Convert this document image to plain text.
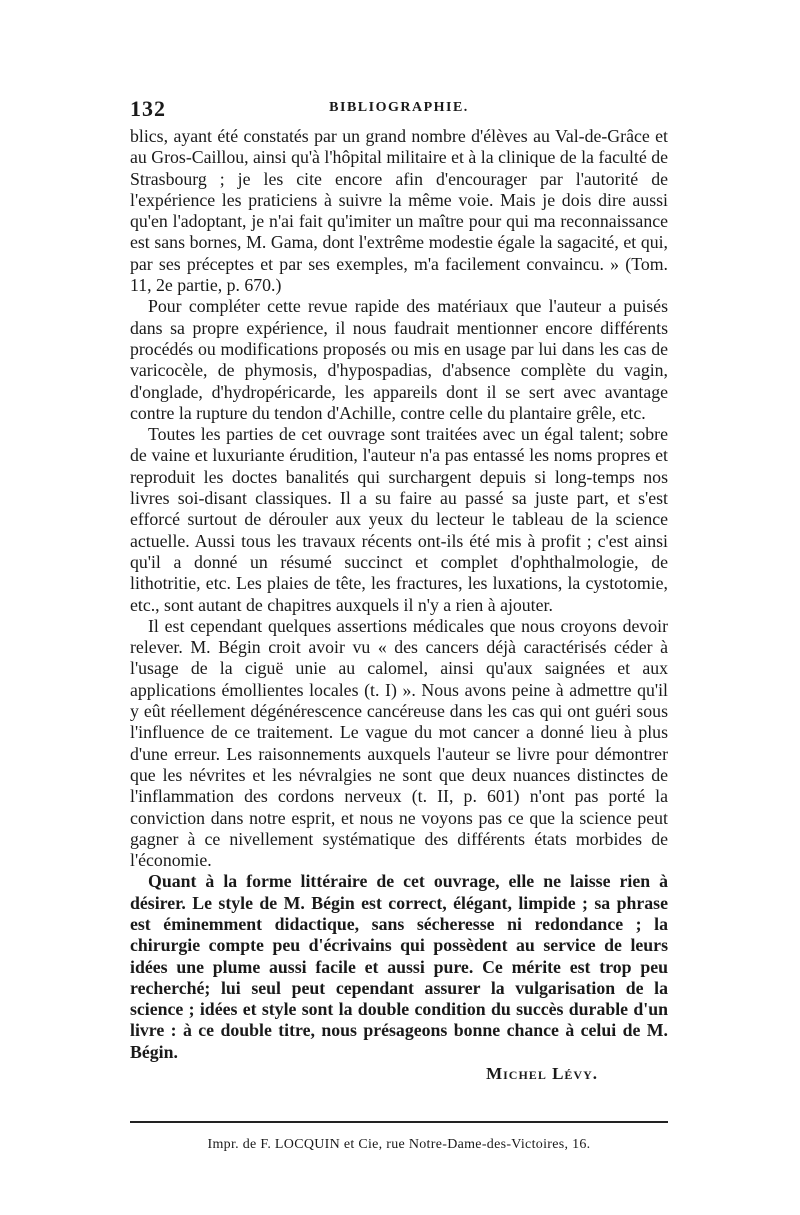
132	BIBLIOGRAPHIE.

blics, ayant été constatés par un grand nombre d'élèves au Val-de-Grâce et au Gros-Caillou, ainsi qu'à l'hôpital militaire et à la clinique de la faculté de Strasbourg ; je les cite encore afin d'encourager par l'autorité de l'expérience les praticiens à suivre la même voie. Mais je dois dire aussi qu'en l'adoptant, je n'ai fait qu'imiter un maître pour qui ma reconnaissance est sans bornes, M. Gama, dont l'extrême modestie égale la sagacité, et qui, par ses préceptes et par ses exemples, m'a facilement convaincu. » (Tom. 11, 2e partie, p. 670.)

Pour compléter cette revue rapide des matériaux que l'auteur a puisés dans sa propre expérience, il nous faudrait mentionner encore différents procédés ou modifications proposés ou mis en usage par lui dans les cas de varicocèle, de phymosis, d'hypospadias, d'absence complète du vagin, d'onglade, d'hydropéricarde, les appareils dont il se sert avec avantage contre la rupture du tendon d'Achille, contre celle du plantaire grêle, etc.

Toutes les parties de cet ouvrage sont traitées avec un égal talent; sobre de vaine et luxuriante érudition, l'auteur n'a pas entassé les noms propres et reproduit les doctes banalités qui surchargent depuis si long-temps nos livres soi-disant classiques. Il a su faire au passé sa juste part, et s'est efforcé surtout de dérouler aux yeux du lecteur le tableau de la science actuelle. Aussi tous les travaux récents ont-ils été mis à profit ; c'est ainsi qu'il a donné un résumé succinct et complet d'ophthalmologie, de lithotritie, etc. Les plaies de tête, les fractures, les luxations, la cystotomie, etc., sont autant de chapitres auxquels il n'y a rien à ajouter.

Il est cependant quelques assertions médicales que nous croyons devoir relever. M. Bégin croit avoir vu « des cancers déjà caractérisés céder à l'usage de la ciguë unie au calomel, ainsi qu'aux saignées et aux applications émollientes locales (t. I) ». Nous avons peine à admettre qu'il y eût réellement dégénérescence cancéreuse dans les cas qui ont guéri sous l'influence de ce traitement. Le vague du mot cancer a donné lieu à plus d'une erreur. Les raisonnements auxquels l'auteur se livre pour démontrer que les névrites et les névralgies ne sont que deux nuances distinctes de l'inflammation des cordons nerveux (t. II, p. 601) n'ont pas porté la conviction dans notre esprit, et nous ne voyons pas ce que la science peut gagner à ce nivellement systématique des différents états morbides de l'économie.

Quant à la forme littéraire de cet ouvrage, elle ne laisse rien à désirer. Le style de M. Bégin est correct, élégant, limpide ; sa phrase est éminemment didactique, sans sécheresse ni redondance ; la chirurgie compte peu d'écrivains qui possèdent au service de leurs idées une plume aussi facile et aussi pure. Ce mérite est trop peu recherché; lui seul peut cependant assurer la vulgarisation de la science ; idées et style sont la double condition du succès durable d'un livre : à ce double titre, nous présageons bonne chance à celui de M. Bégin.

Michel Lévy.
Impr. de F. LOCQUIN et Cie, rue Notre-Dame-des-Victoires, 16.
